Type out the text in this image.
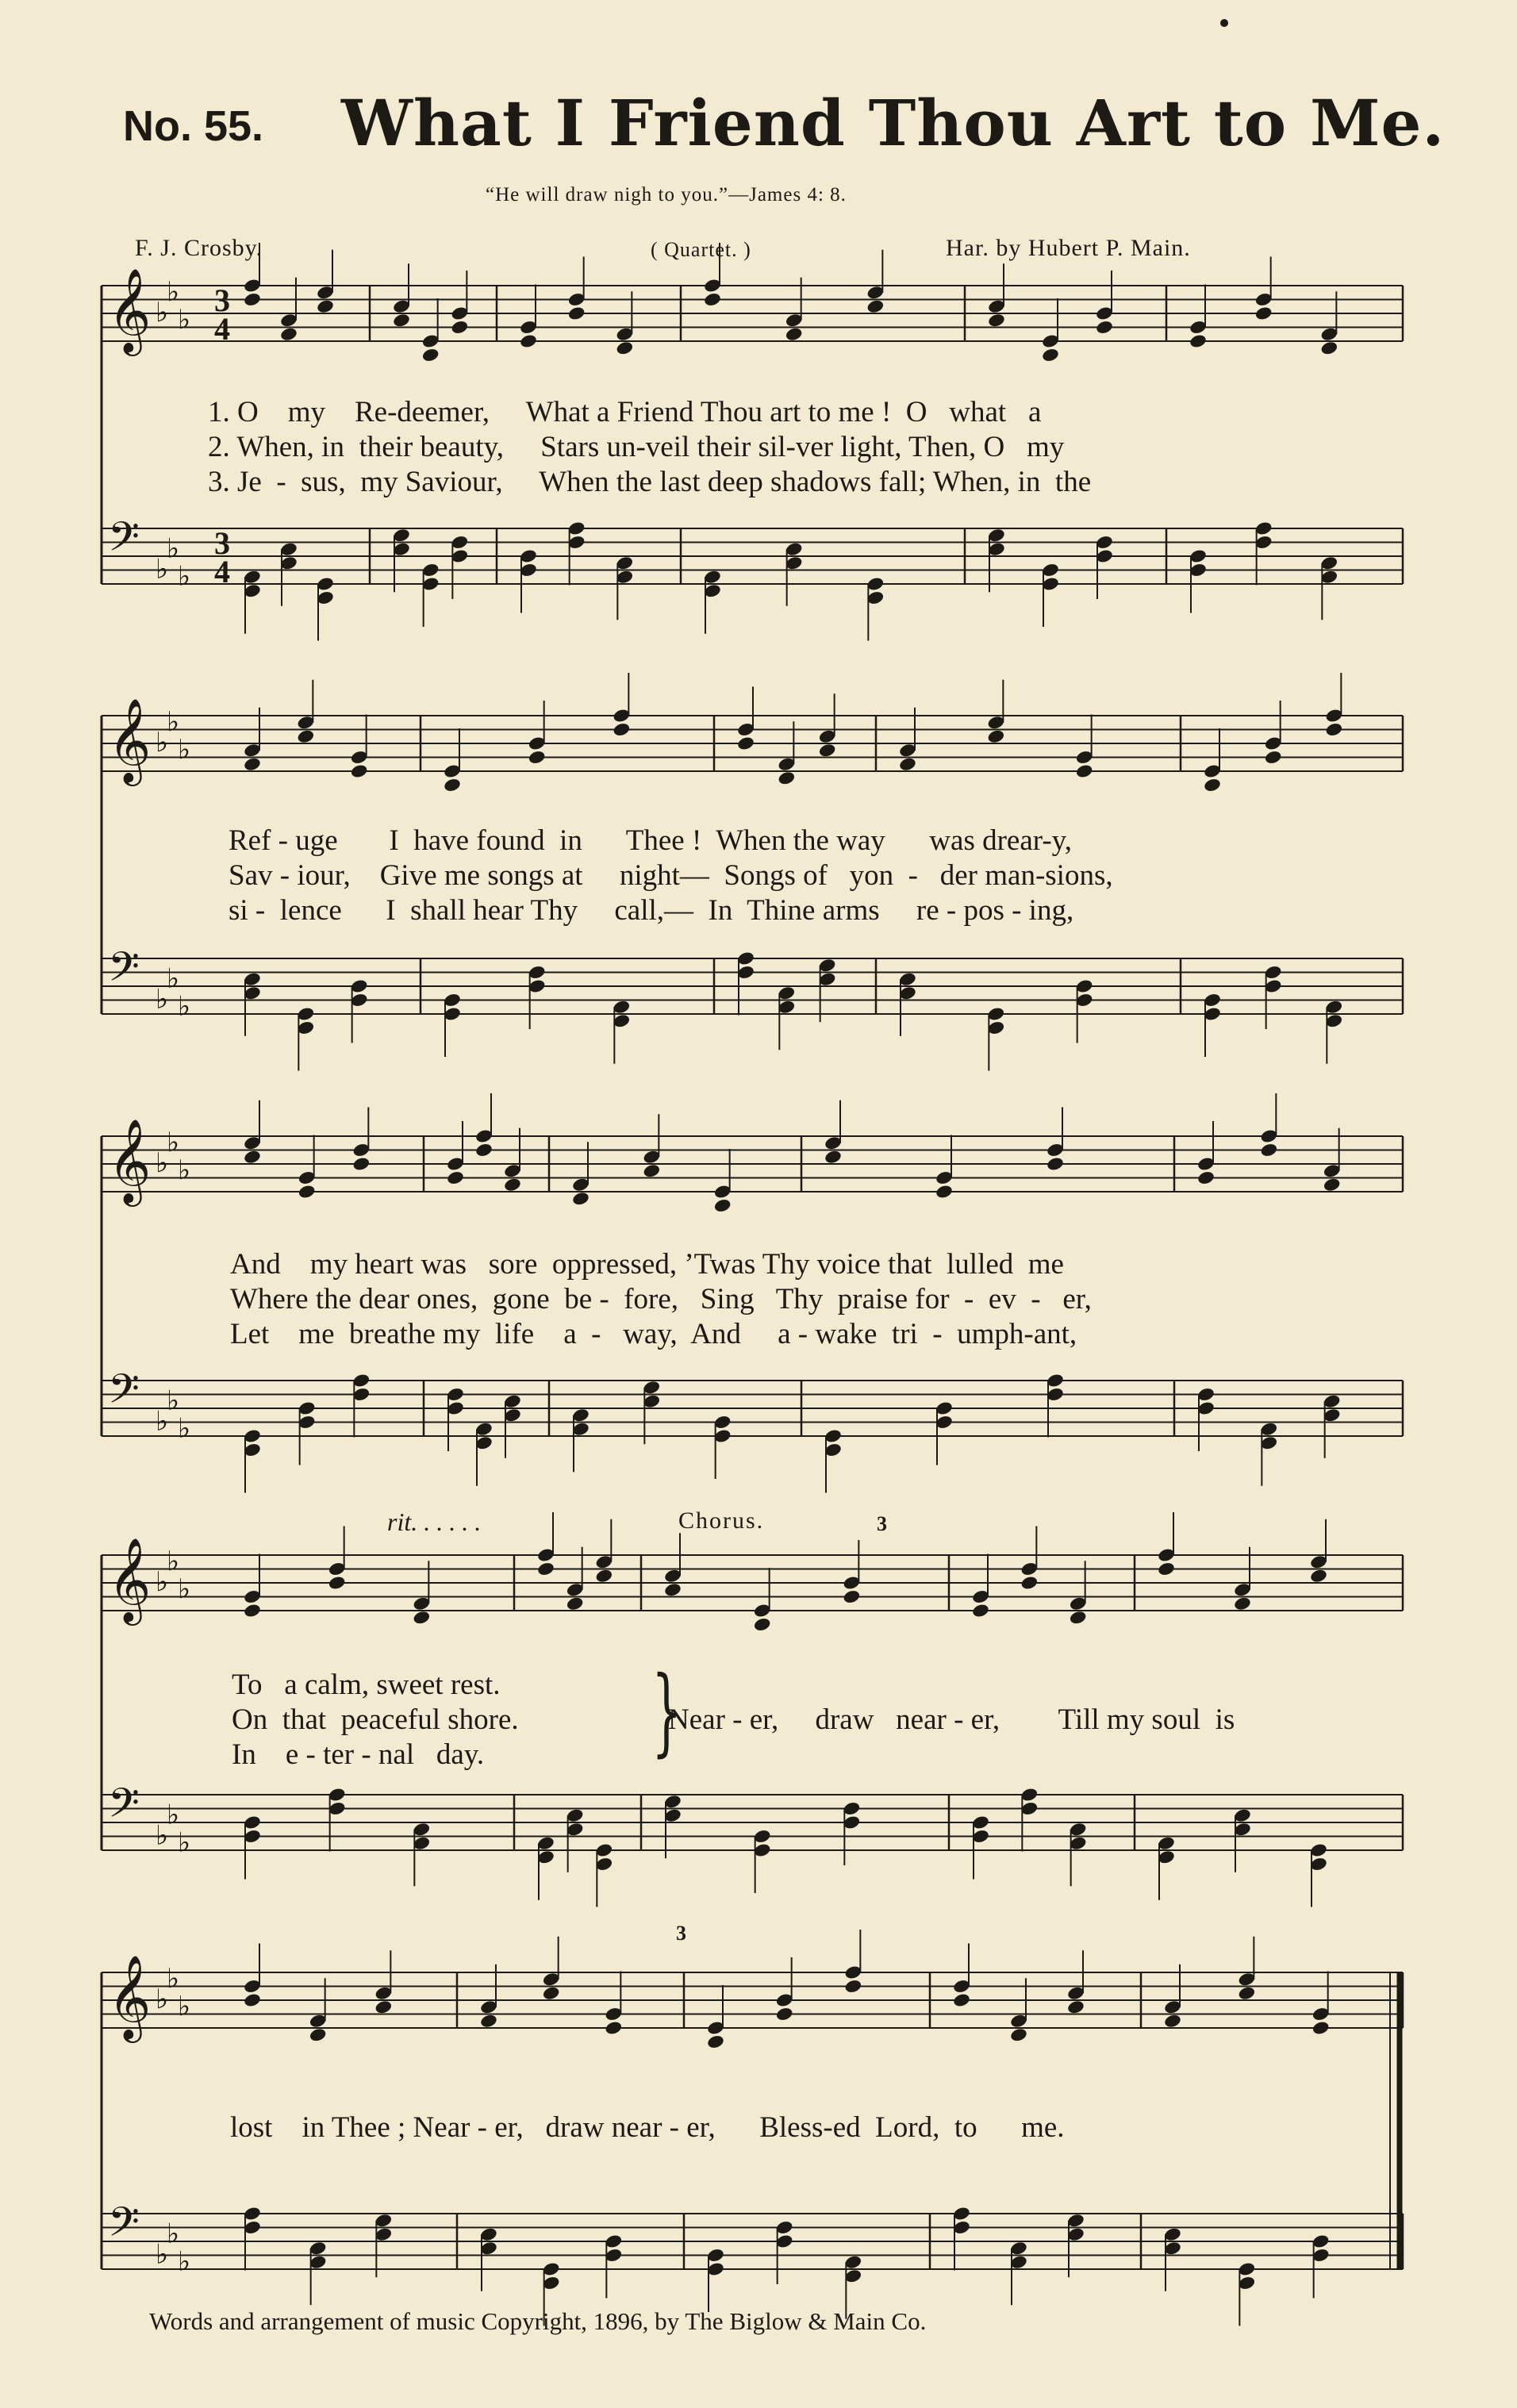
No. 55. What I Friend Thou Art to Me.
“He will draw nigh to you.”—James 4: 8.
F. J. Crosby.	( Quartet. )	Har. by Hubert P. Main.
𝄞 ♭
♭
♭
𝄢 ♭
♭
♭
𝄞 ♭
♭
♭
𝄢 ♭
♭
♭
𝄞 ♭
♭
♭
𝄢 ♭
♭
♭
𝄞 ♭
♭
♭
𝄢 ♭
♭
♭
𝄞 ♭
♭
♭
𝄢 ♭
♭
♭
3
4
3
4
1. O    my    Re-deemer,     What a Friend Thou art to me !  O   what   a
2. When, in  their beauty,     Stars un-veil their sil-ver light, Then, O   my
3. Je  -  sus,  my Saviour,     When the last deep shadows fall; When, in  the
Ref - uge       I  have found  in      Thee !  When the way      was drear-y,
Sav - iour,    Give me songs at     night—  Songs of   yon  -   der man-sions,
si -  lence      I  shall hear Thy     call,—  In  Thine arms     re - pos - ing,
And    my heart was   sore  oppressed, ’Twas Thy voice that  lulled  me
Where the dear ones,  gone  be -  fore,   Sing   Thy  praise for  -  ev  -   er,
Let    me  breathe my  life    a  -   way,  And     a - wake  tri  -  umph-ant,
rit. . . . . .	Chorus.
To   a calm, sweet rest.
On  that  peaceful shore.
In    e - ter - nal   day. }
Near - er,     draw   near - er,        Till my soul  is
lost    in Thee ; Near - er,   draw near - er,      Bless-ed  Lord,  to      me.
3
3
Words and arrangement of music Copyright, 1896, by The Biglow & Main Co.
